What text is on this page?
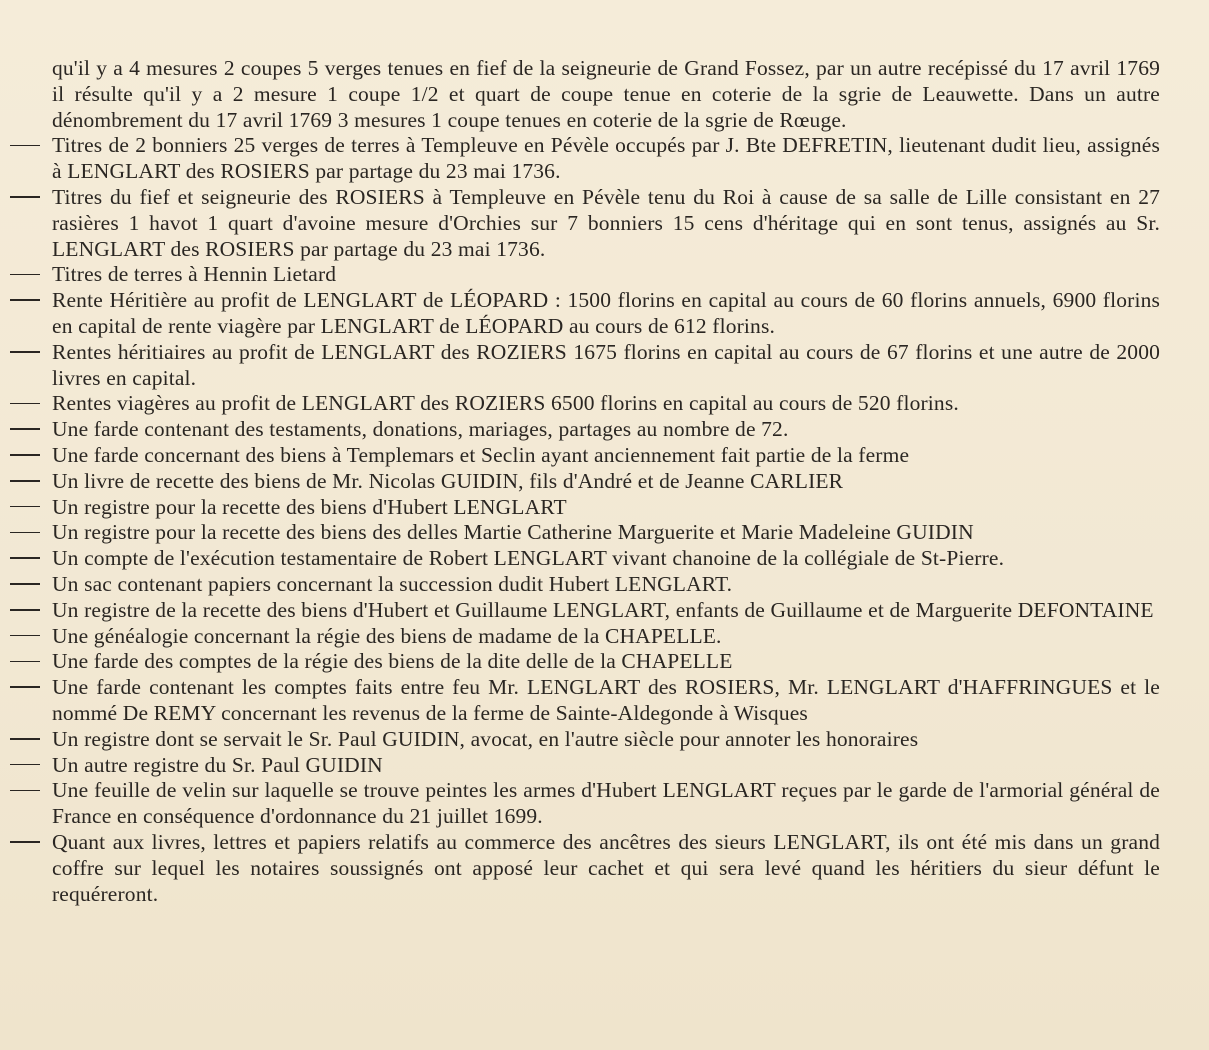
qu'il y a 4 mesures 2 coupes 5 verges tenues en fief de la seigneurie de Grand Fossez, par un autre recépissé du 17 avril 1769 il résulte qu'il y a 2 mesure 1 coupe 1/2 et quart de coupe tenue en coterie de la sgrie de Leauwette. Dans un autre dénombrement du 17 avril 1769 3 mesures 1 coupe tenues en coterie de la sgrie de Rœuge.
Titres de 2 bonniers 25 verges de terres à Templeuve en Pévèle occupés par J. Bte DEFRETIN, lieutenant dudit lieu, assignés à LENGLART des ROSIERS par partage du 23 mai 1736.
Titres du fief et seigneurie des ROSIERS à Templeuve en Pévèle tenu du Roi à cause de sa salle de Lille consistant en 27 rasières 1 havot 1 quart d'avoine mesure d'Orchies sur 7 bonniers 15 cens d'héritage qui en sont tenus, assignés au Sr. LENGLART des ROSIERS par partage du 23 mai 1736.
Titres de terres à Hennin Lietard
Rente Héritière au profit de LENGLART de LÉOPARD : 1500 florins en capital au cours de 60 florins annuels, 6900 florins en capital de rente viagère par LENGLART de LÉOPARD au cours de 612 florins.
Rentes héritiaires au profit de LENGLART des ROZIERS 1675 florins en capital au cours de 67 florins et une autre de 2000 livres en capital.
Rentes viagères au profit de LENGLART des ROZIERS 6500 florins en capital au cours de 520 florins.
Une farde contenant des testaments, donations, mariages, partages au nombre de 72.
Une farde concernant des biens à Templemars et Seclin ayant anciennement fait partie de la ferme
Un livre de recette des biens de Mr. Nicolas GUIDIN, fils d'André et de Jeanne CARLIER
Un registre pour la recette des biens d'Hubert LENGLART
Un registre pour la recette des biens des delles Martie Catherine Marguerite et Marie Madeleine GUIDIN
Un compte de l'exécution testamentaire de Robert LENGLART vivant chanoine de la collégiale de St-Pierre.
Un sac contenant papiers concernant la succession dudit Hubert LENGLART.
Un registre de la recette des biens d'Hubert et Guillaume LENGLART, enfants de Guillaume et de Marguerite DEFONTAINE
Une généalogie concernant la régie des biens de madame de la CHAPELLE.
Une farde des comptes de la régie des biens de la dite delle de la CHAPELLE
Une farde contenant les comptes faits entre feu Mr. LENGLART des ROSIERS, Mr. LENGLART d'HAFFRINGUES et le nommé De REMY concernant les revenus de la ferme de Sainte-Aldegonde à Wisques
Un registre dont se servait le Sr. Paul GUIDIN, avocat, en l'autre siècle pour annoter les honoraires
Un autre registre du Sr. Paul GUIDIN
Une feuille de velin sur laquelle se trouve peintes les armes d'Hubert LENGLART reçues par le garde de l'armorial général de France en conséquence d'ordonnance du 21 juillet 1699.
Quant aux livres, lettres et papiers relatifs au commerce des ancêtres des sieurs LENGLART, ils ont été mis dans un grand coffre sur lequel les notaires soussignés ont apposé leur cachet et qui sera levé quand les héritiers du sieur défunt le requéreront.
